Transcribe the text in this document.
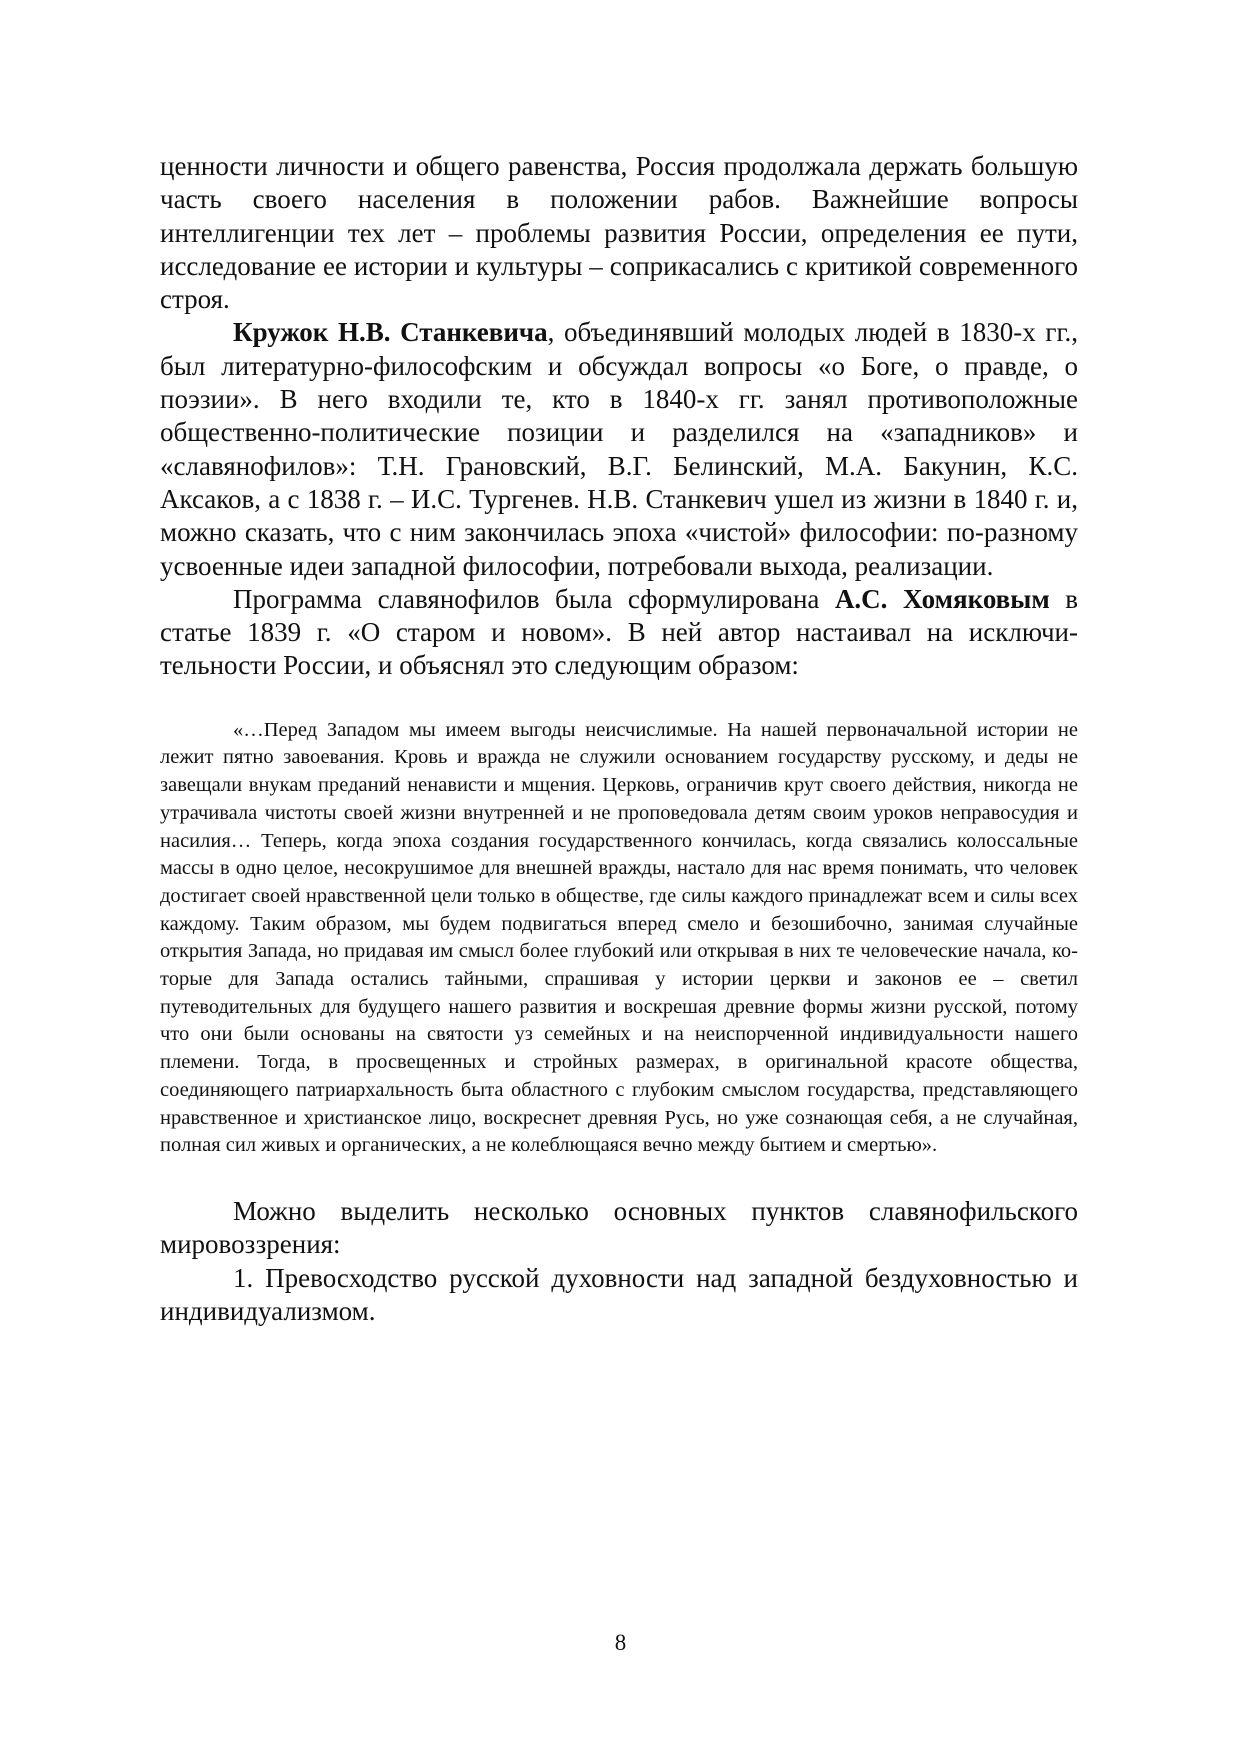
ценности личности и общего равенства, Россия продолжала держать большую часть своего населения в положении рабов. Важнейшие вопросы интеллигенции тех лет – проблемы развития России, определения ее пути, исследование ее истории и культуры – соприкасались с критикой современного строя.

Кружок Н.В. Станкевича, объединявший молодых людей в 1830-х гг., был литературно-философским и обсуждал вопросы «о Боге, о правде, о поэзии». В него входили те, кто в 1840-х гг. занял противоположные общественно-политические позиции и разделился на «западников» и «славянофилов»: Т.Н. Грановский, В.Г. Белинский, М.А. Бакунин, К.С. Аксаков, а с 1838 г. – И.С. Тургенев. Н.В. Станкевич ушел из жизни в 1840 г. и, можно сказать, что с ним закончилась эпоха «чистой» философии: по-разному усвоенные идеи западной философии, потребовали выхода, реализации.

Программа славянофилов была сформулирована А.С. Хомяковым в статье 1839 г. «О старом и новом». В ней автор настаивал на исключительности России, и объяснял это следующим образом:

«…Перед Западом мы имеем выгоды неисчислимые. На нашей первоначальной истории не лежит пятно завоевания. Кровь и вражда не служили основанием государству русскому, и деды не завещали внукам преданий ненависти и мщения. Церковь, ограничив крут своего действия, никогда не утрачивала чистоты своей жизни внутренней и не проповедовала детям своим уроков неправосудия и насилия… Теперь, когда эпоха создания государственного кончилась, когда связались колоссальные массы в одно целое, несокрушимое для внешней вражды, настало для нас время понимать, что человек достигает своей нравственной цели только в обществе, где силы каждого принадлежат всем и силы всех каждому. Таким образом, мы будем подвигаться вперед смело и безошибочно, занимая случайные открытия Запада, но придавая им смысл более глубокий или открывая в них те человеческие начала, которые для Запада остались тайными, спрашивая у истории церкви и законов ее – светил путеводительных для будущего нашего развития и воскрешая древние формы жизни русской, потому что они были основаны на святости уз семейных и на неиспорченной индивидуальности нашего племени. Тогда, в просвещенных и стройных размерах, в оригинальной красоте общества, соединяющего патриархальность быта областного с глубоким смыслом государства, представляющего нравственное и христианское лицо, воскреснет древняя Русь, но уже сознающая себя, а не случайная, полная сил живых и органических, а не колеблющаяся вечно между бытием и смертью».

Можно выделить несколько основных пунктов славянофильского мировоззрения:

1. Превосходство русской духовности над западной бездуховностью и индивидуализмом.

8
